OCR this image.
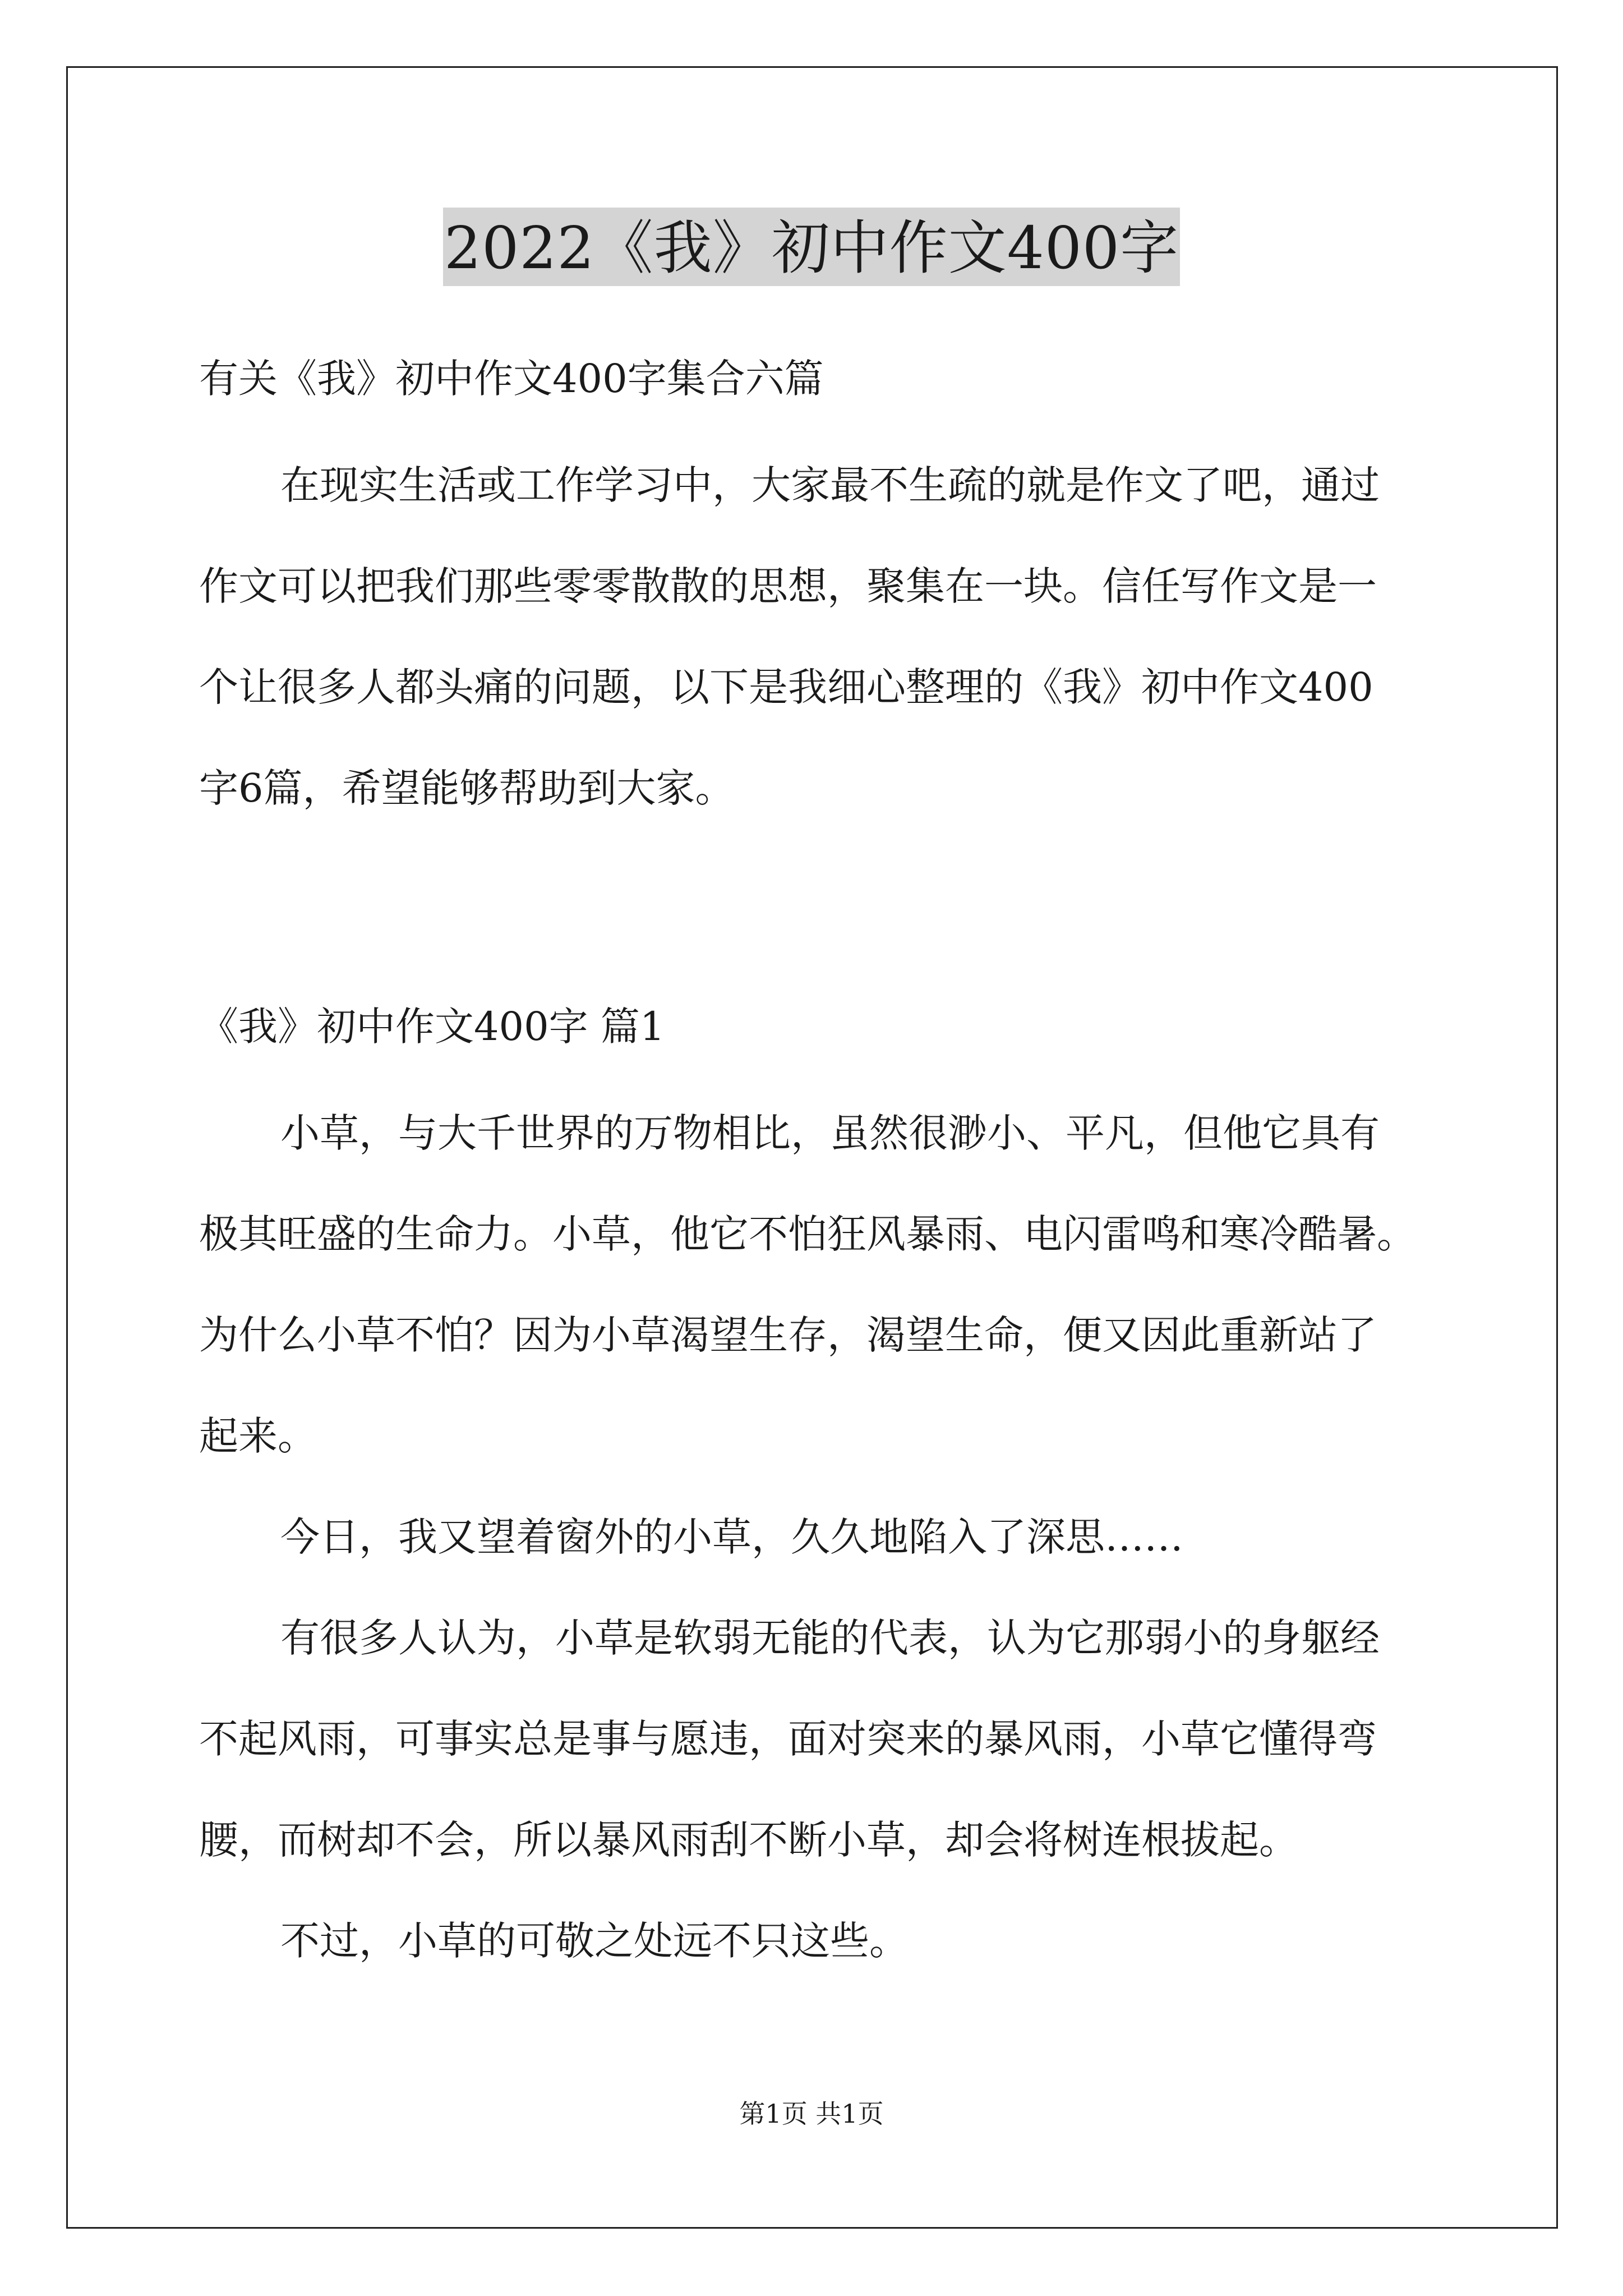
2022《我》初中作文400字
有关《我》初中作文400字集合六篇
在现实生活或工作学习中，大家最不生疏的就是作文了吧，通过
作文可以把我们那些零零散散的思想，聚集在一块。信任写作文是一
个让很多人都头痛的问题，以下是我细心整理的《我》初中作文400
字6篇，希望能够帮助到大家。
《我》初中作文400字 篇1
小草，与大千世界的万物相比，虽然很渺小、平凡，但他它具有
极其旺盛的生命力。小草，他它不怕狂风暴雨、电闪雷鸣和寒冷酷暑。
为什么小草不怕？因为小草渴望生存，渴望生命，便又因此重新站了
起来。
今日，我又望着窗外的小草，久久地陷入了深思……
有很多人认为，小草是软弱无能的代表，认为它那弱小的身躯经
不起风雨，可事实总是事与愿违，面对突来的暴风雨，小草它懂得弯
腰，而树却不会，所以暴风雨刮不断小草，却会将树连根拔起。
不过，小草的可敬之处远不只这些。
第1页 共1页
